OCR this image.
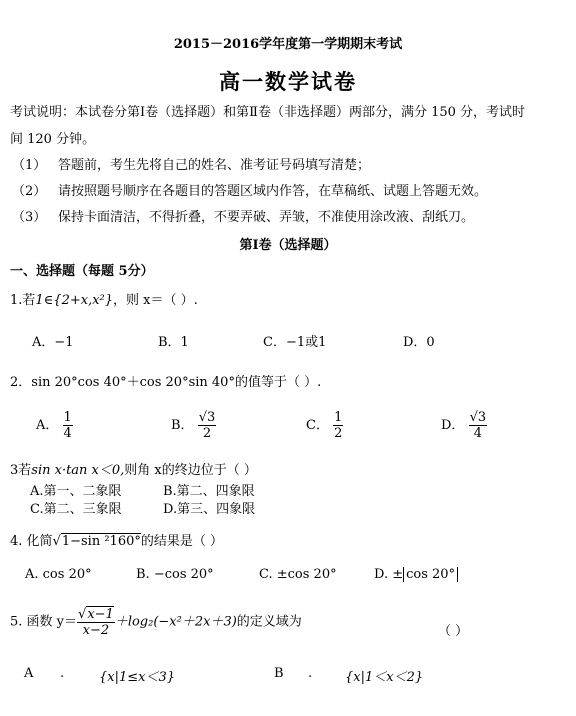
2015－2016学年度第一学期期末考试
高一数学试卷
考试说明：本试卷分第Ⅰ卷（选择题）和第Ⅱ卷（非选择题）两部分，满分 150 分，考试时
间 120 分钟。
（1） 答题前，考生先将自己的姓名、准考证号码填写清楚；
（2） 请按照题号顺序在各题目的答题区域内作答，在草稿纸、试题上答题无效。
（3） 保持卡面清洁，不得折叠，不要弄破、弄皱，不准使用涂改液、刮纸刀。
第Ⅰ卷（选择题）
一、选择题（每题 5分）
1.若1∈{2+x,x²}，则 x＝（ ）.
A．−1	B．1	C．−1或1	D．0
2．sin 20°cos 40°＋cos 20°sin 40°的值等于（ ）.
A． $\frac{1}{4}$	B． $\frac{√3}{2}$	C． $\frac{1}{2}$	D． $\frac{√3}{4}$
3若sin x·tan x＜0,则角 x的终边位于（ ）
A.第一、二象限	B.第二、四象限
C.第二、三象限	D.第三、四象限
4. 化简√1−sin ²160°的结果是（ ）
A. cos 20°	B. −cos 20°	C. ±cos 20°	D. ± cos 20°
5. 函数 $y= \frac{√x-1}{x-2} +\log_2(-x^2+2x+3)$的定义域为
（ ）
A .	{x|1≤x＜3}	B .	{x|1＜x＜2}
